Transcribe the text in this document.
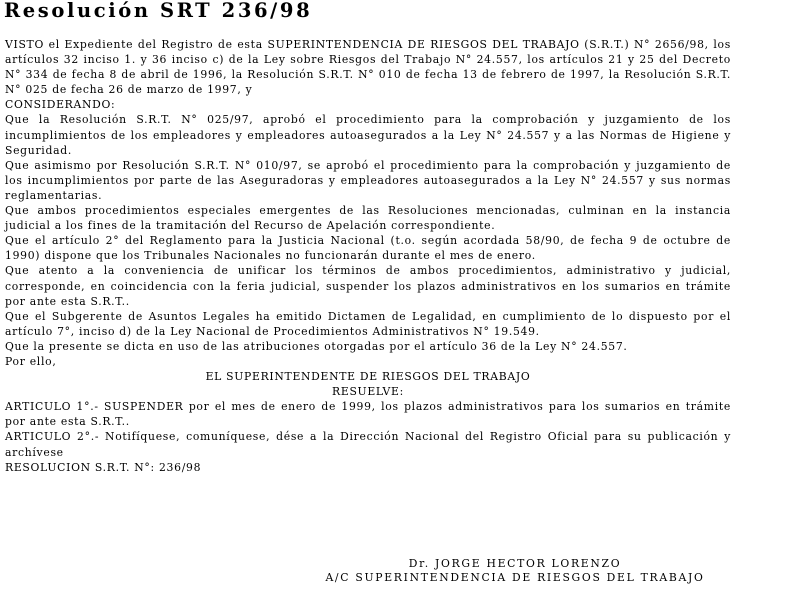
Resolución SRT 236/98

VISTO el Expediente del Registro de esta SUPERINTENDENCIA DE RIESGOS DEL TRABAJO (S.R.T.) N° 2656/98, los artículos 32 inciso 1. y 36 inciso c) de la Ley sobre Riesgos del Trabajo N° 24.557, los artículos 21 y 25 del Decreto N° 334 de fecha 8 de abril de 1996, la Resolución S.R.T. N° 010 de fecha 13 de febrero de 1997, la Resolución S.R.T. N° 025 de fecha 26 de marzo de 1997, y

CONSIDERANDO:

Que la Resolución S.R.T. N° 025/97, aprobó el procedimiento para la comprobación y juzgamiento de los incumplimientos de los empleadores y empleadores autoasegurados a la Ley N° 24.557 y a las Normas de Higiene y Seguridad.

Que asimismo por Resolución S.R.T. N° 010/97, se aprobó el procedimiento para la comprobación y juzgamiento de los incumplimientos por parte de las Aseguradoras y empleadores autoasegurados a la Ley N° 24.557 y sus normas reglamentarias.

Que ambos procedimientos especiales emergentes de las Resoluciones mencionadas, culminan en la instancia judicial a los fines de la tramitación del Recurso de Apelación correspondiente.

Que el artículo 2° del Reglamento para la Justicia Nacional (t.o. según acordada 58/90, de fecha 9 de octubre de 1990) dispone que los Tribunales Nacionales no funcionarán durante el mes de enero.

Que atento a la conveniencia de unificar los términos de ambos procedimientos, administrativo y judicial, corresponde, en coincidencia con la feria judicial, suspender los plazos administrativos en los sumarios en trámite por ante esta S.R.T..

Que el Subgerente de Asuntos Legales ha emitido Dictamen de Legalidad, en cumplimiento de lo dispuesto por el artículo 7°, inciso d) de la Ley Nacional de Procedimientos Administrativos N° 19.549.

Que la presente se dicta en uso de las atribuciones otorgadas por el artículo 36 de la Ley N° 24.557.

Por ello,

EL SUPERINTENDENTE DE RIESGOS DEL TRABAJO

RESUELVE:

ARTICULO 1°.- SUSPENDER por el mes de enero de 1999, los plazos administrativos para los sumarios en trámite por ante esta S.R.T..

ARTICULO 2°.- Notifíquese, comuníquese, dése a la Dirección Nacional del Registro Oficial para su publicación y archívese

RESOLUCION S.R.T. N°: 236/98

Dr. JORGE HECTOR LORENZO
A/C SUPERINTENDENCIA DE RIESGOS DEL TRABAJO
